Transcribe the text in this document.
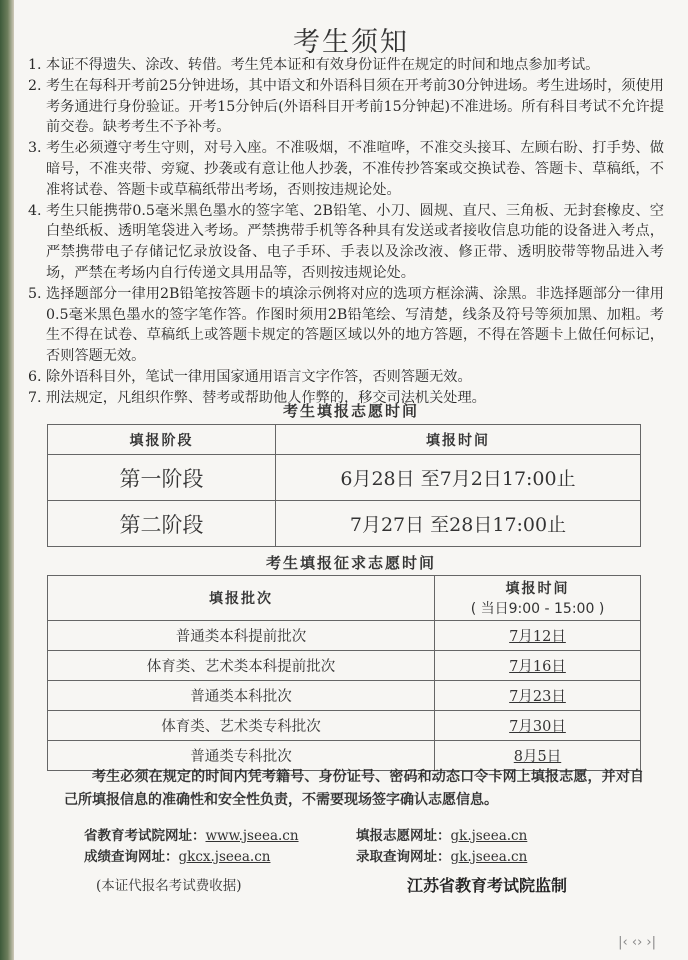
考生须知
1. 本证不得遗失、涂改、转借。考生凭本证和有效身份证件在规定的时间和地点参加考试。
2. 考生在每科开考前25分钟进场，其中语文和外语科目须在开考前30分钟进场。考生进场时，须使用考务通进行身份验证。开考15分钟后(外语科目开考前15分钟起)不准进场。所有科目考试不允许提前交卷。缺考考生不予补考。
3. 考生必须遵守考生守则，对号入座。不准吸烟，不准喧哗，不准交头接耳、左顾右盼、打手势、做暗号，不准夹带、旁窥、抄袭或有意让他人抄袭，不准传抄答案或交换试卷、答题卡、草稿纸，不准将试卷、答题卡或草稿纸带出考场，否则按违规论处。
4. 考生只能携带0.5毫米黑色墨水的签字笔、2B铅笔、小刀、圆规、直尺、三角板、无封套橡皮、空白垫纸板、透明笔袋进入考场。严禁携带手机等各种具有发送或者接收信息功能的设备进入考点，严禁携带电子存储记忆录放设备、电子手环、手表以及涂改液、修正带、透明胶带等物品进入考场，严禁在考场内自行传递文具用品等，否则按违规论处。
5. 选择题部分一律用2B铅笔按答题卡的填涂示例将对应的选项方框涂满、涂黑。非选择题部分一律用0.5毫米黑色墨水的签字笔作答。作图时须用2B铅笔绘、写清楚，线条及符号等须加黑、加粗。考生不得在试卷、草稿纸上或答题卡规定的答题区域以外的地方答题，不得在答题卡上做任何标记，否则答题无效。
6. 除外语科目外，笔试一律用国家通用语言文字作答，否则答题无效。
7. 刑法规定，凡组织作弊、替考或帮助他人作弊的，移交司法机关处理。
考生填报志愿时间
填报阶段	填报时间
第一阶段	6月28日 至7月2日17:00止
第二阶段	7月27日 至28日17:00止
考生填报征求志愿时间
填报批次	填报时间
( 当日9:00 - 15:00 )

普通类本科提前批次	7月12日
体育类、艺术类本科提前批次	7月16日
普通类本科批次	7月23日
体育类、艺术类专科批次	7月30日
普通类专科批次	8月5日
考生必须在规定的时间内凭考籍号、身份证号、密码和动态口令卡网上填报志愿，并对自己所填报信息的准确性和安全性负责，不需要现场签字确认志愿信息。
省教育考试院网址： www.jseea.cn
成绩查询网址： gkcx.jseea.cn
填报志愿网址： gk.jseea.cn
录取查询网址： gk.jseea.cn
(本证代报名考试费收据)	江苏省教育考试院监制
|‹ ‹› ›|
